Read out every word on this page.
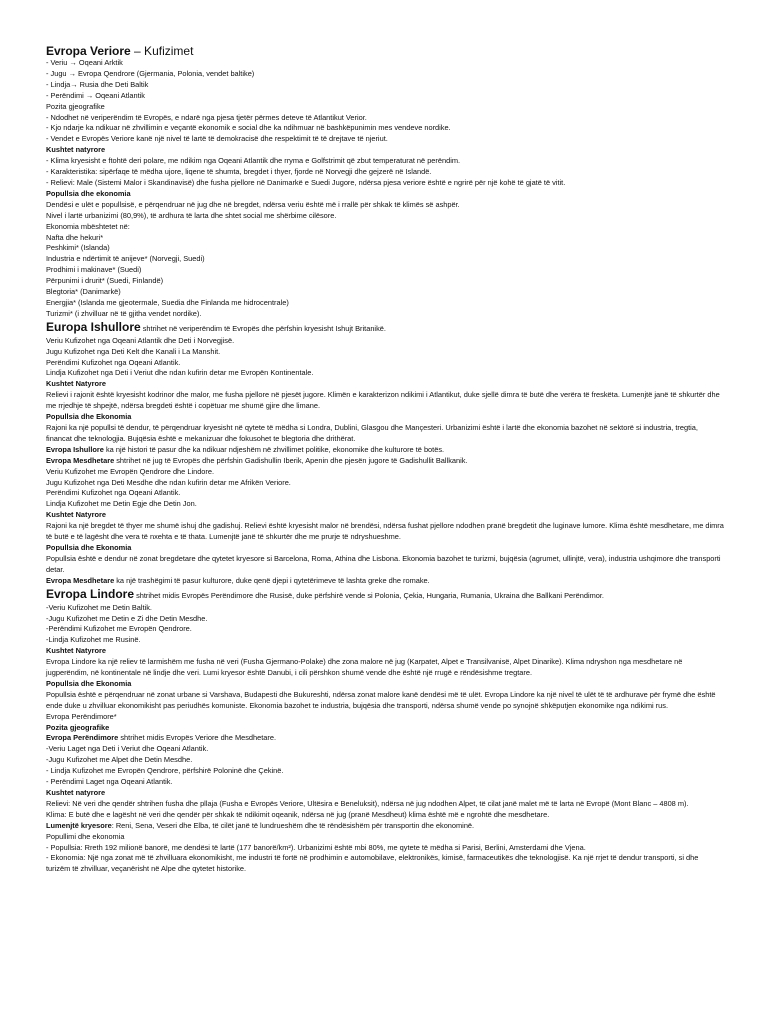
Evropa Veriore – Kufizimet
- Veriu → Oqeani Arktik
- Jugu → Evropa Qendrore (Gjermania, Polonia, vendet baltike)
- Lindja→ Rusia dhe Deti Baltik
- Perëndimi → Oqeani Atlantik
Pozita gjeografike
- Ndodhet në veriperëndim të Evropës, e ndarë nga pjesa tjetër përmes deteve të Atlantikut Verior.
- Kjo ndarje ka ndikuar në zhvillimin e veçantë ekonomik e social dhe ka ndihmuar në bashkëpunimin mes vendeve nordike.
- Vendet e Evropës Veriore kanë një nivel të lartë të demokracisë dhe respektimit të të drejtave të njeriut.
Kushtet natyrore
- Klima kryesisht e ftohtë deri polare, me ndikim nga Oqeani Atlantik dhe rryma e Golfstrimit që zbut temperaturat në perëndim.
- Karakteristika: sipërfaqe të mëdha ujore, liqene të shumta, bregdet i thyer, fjorde në Norvegji dhe gejzerë në Islandë.
- Relievi: Male (Sistemi Malor i Skandinavisë) dhe fusha pjellore në Danimarkë e Suedi Jugore, ndërsa pjesa veriore është e ngrirë për një kohë të gjatë të vitit.
Popullsia dhe ekonomia
Dendësi e ulët e popullsisë, e përqendruar në jug dhe në bregdet, ndërsa veriu është më i rrallë për shkak të klimës së ashpër.
Nivel i lartë urbanizimi (80,9%), të ardhura të larta dhe shtet social me shërbime cilësore.
Ekonomia mbështetet në:
Nafta dhe hekuri*
Peshkimi* (Islanda)
Industria e ndërtimit të anijeve* (Norvegji, Suedi)
Prodhimi i makinave* (Suedi)
Përpunimi i drurit* (Suedi, Finlandë)
Blegtoria* (Danimarkë)
Energjia* (Islanda me gjeotermale, Suedia dhe Finlanda me hidrocentrale)
Turizmi* (i zhvilluar në të gjitha vendet nordike).
Europa Ishullore shtrihet në veriperëndim të Evropës dhe përfshin kryesisht Ishujt Britanikë.
Veriu Kufizohet nga Oqeani Atlantik dhe Deti i Norvegjisë.
Jugu Kufizohet nga Deti Kelt dhe Kanali i La Manshit.
Perëndimi Kufizohet nga Oqeani Atlantik.
Lindja Kufizohet nga Deti i Veriut dhe ndan kufirin detar me Evropën Kontinentale.
Kushtet Natyrore
Relievi i rajonit është kryesisht kodrinor dhe malor, me fusha pjellore në pjesët jugore. Klimën e karakterizon ndikimi i Atlantikut, duke sjellë dimra të butë dhe verëra të freskëta. Lumenjtë janë të shkurtër dhe me rrjedhje të shpejtë, ndërsa bregdeti është i copëtuar me shumë gjire dhe limane.
Popullsia dhe Ekonomia
Rajoni ka një popullsi të dendur, të përqendruar kryesisht në qytete të mëdha si Londra, Dublini, Glasgou dhe Mançesteri. Urbanizimi është i lartë dhe ekonomia bazohet në sektorë si industria, tregtia, financat dhe teknologjia. Bujqësia është e mekanizuar dhe fokusohet te blegtoria dhe drithërat.
Evropa Ishullore ka një histori të pasur dhe ka ndikuar ndjeshëm në zhvillimet politike, ekonomike dhe kulturore të botës.
Evropa Mesdhetare shtrihet në jug të Evropës dhe përfshin Gadishullin Iberik, Apenin dhe pjesën jugore të Gadishullit Ballkanik.
Veriu Kufizohet me Evropën Qendrore dhe Lindore.
Jugu Kufizohet nga Deti Mesdhe dhe ndan kufirin detar me Afrikën Veriore.
Perëndimi Kufizohet nga Oqeani Atlantik.
Lindja Kufizohet me Detin Egje dhe Detin Jon.
Kushtet Natyrore
Rajoni ka një bregdet të thyer me shumë ishuj dhe gadishuj. Relievi është kryesisht malor në brendësi, ndërsa fushat pjellore ndodhen pranë bregdetit dhe luginave lumore. Klima është mesdhetare, me dimra të butë e të lagësht dhe vera të nxehta e të thata. Lumenjtë janë të shkurtër dhe me prurje të ndryshueshme.
Popullsia dhe Ekonomia
Popullsia është e dendur në zonat bregdetare dhe qytetet kryesore si Barcelona, Roma, Athina dhe Lisbona. Ekonomia bazohet te turizmi, bujqësia (agrumet, ullinjtë, vera), industria ushqimore dhe transporti detar.
Evropa Mesdhetare ka një trashëgimi të pasur kulturore, duke qenë djepi i qytetërimeve të lashta greke dhe romake.
Evropa Lindore shtrihet midis Evropës Perëndimore dhe Rusisë, duke përfshirë vende si Polonia, Çekia, Hungaria, Rumania, Ukraina dhe Ballkani Perëndimor.
-Veriu Kufizohet me Detin Baltik.
-Jugu Kufizohet me Detin e Zi dhe Detin Mesdhe.
-Perëndimi Kufizohet me Evropën Qendrore.
-Lindja Kufizohet me Rusinë.
Kushtet Natyrore
Evropa Lindore ka një reliev të larmishëm me fusha në veri (Fusha Gjermano-Polake) dhe zona malore në jug (Karpatet, Alpet e Transilvanisë, Alpet Dinarike). Klima ndryshon nga mesdhetare në jugperëndim, në kontinentale në lindje dhe veri. Lumi kryesor është Danubi, i cili përshkon shumë vende dhe është një rrugë e rëndësishme tregtare.
Popullsia dhe Ekonomia
Popullsia është e përqendruar në zonat urbane si Varshava, Budapesti dhe Bukureshti, ndërsa zonat malore kanë dendësi më të ulët. Evropa Lindore ka një nivel të ulët të të ardhurave për frymë dhe është ende duke u zhvilluar ekonomikisht pas periudhës komuniste. Ekonomia bazohet te industria, bujqësia dhe transporti, ndërsa shumë vende po synojnë shkëputjen ekonomike nga ndikimi rus.
Evropa Perëndimore*
Pozita gjeografike
Evropa Perëndimore shtrihet midis Evropës Veriore dhe Mesdhetare.
-Veriu Laget nga Deti i Veriut dhe Oqeani Atlantik.
-Jugu Kufizohet me Alpet dhe Detin Mesdhe.
- Lindja Kufizohet me Evropën Qendrore, përfshirë Poloninë dhe Çekinë.
- Perëndimi Laget nga Oqeani Atlantik.
Kushtet natyrore
Relievi: Në veri dhe qendër shtrihen fusha dhe pllaja (Fusha e Evropës Veriore, Ultësira e Beneluksit), ndërsa në jug ndodhen Alpet, të cilat janë malet më të larta në Evropë (Mont Blanc – 4808 m).
Klima: E butë dhe e lagësht në veri dhe qendër për shkak të ndikimit oqeanik, ndërsa në jug (pranë Mesdheut) klima është më e ngrohtë dhe mesdhetare.
Lumenjtë kryesore: Reni, Sena, Veseri dhe Elba, të cilët janë të lundrueshëm dhe të rëndësishëm për transportin dhe ekonominë.
Popullimi dhe ekonomia
- Popullsia: Rreth 192 milionë banorë, me dendësi të lartë (177 banorë/km²). Urbanizimi është mbi 80%, me qytete të mëdha si Parisi, Berlini, Amsterdami dhe Vjena.
- Ekonomia: Një nga zonat më të zhvilluara ekonomikisht, me industri të fortë në prodhimin e automobilave, elektronikës, kimisë, farmaceutikës dhe teknologjisë. Ka një rrjet të dendur transporti, si dhe turizëm të zhvilluar, veçanërisht në Alpe dhe qytetet historike.
